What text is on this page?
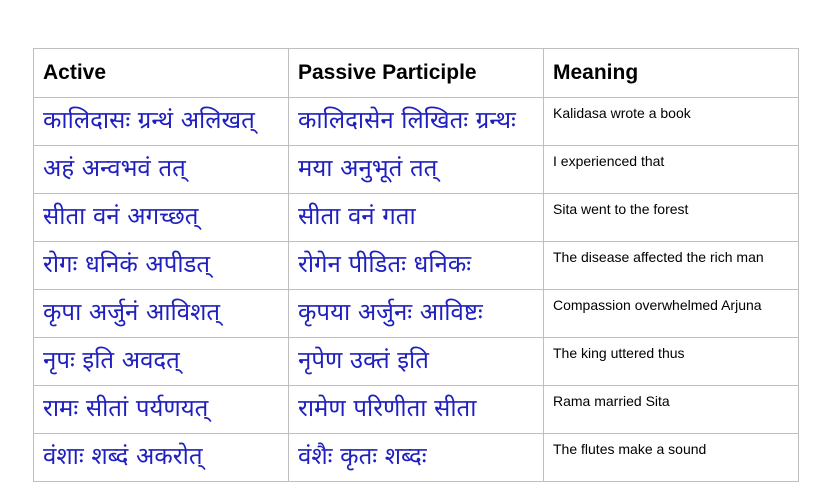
Active	Passive Participle	Meaning

कालिदासः ग्रन्थं अलिखत्	कालिदासेन लिखितः ग्रन्थः	Kalidasa wrote a book

अहं अन्वभवं तत्	मया अनुभूतं तत्	I experienced that

सीता वनं अगच्छत्	सीता वनं गता	Sita went to the forest

रोगः धनिकं अपीडत्	रोगेन पीडितः धनिकः	The disease affected the rich man

कृपा अर्जुनं आविशत्	कृपया अर्जुनः आविष्टः	Compassion overwhelmed Arjuna

नृपः इति अवदत्	नृपेण उक्तं इति	The king uttered thus

रामः सीतां पर्यणयत्	रामेण परिणीता सीता	Rama married Sita

वंशाः शब्दं अकरोत्	वंशैः कृतः शब्दः	The flutes make a sound
